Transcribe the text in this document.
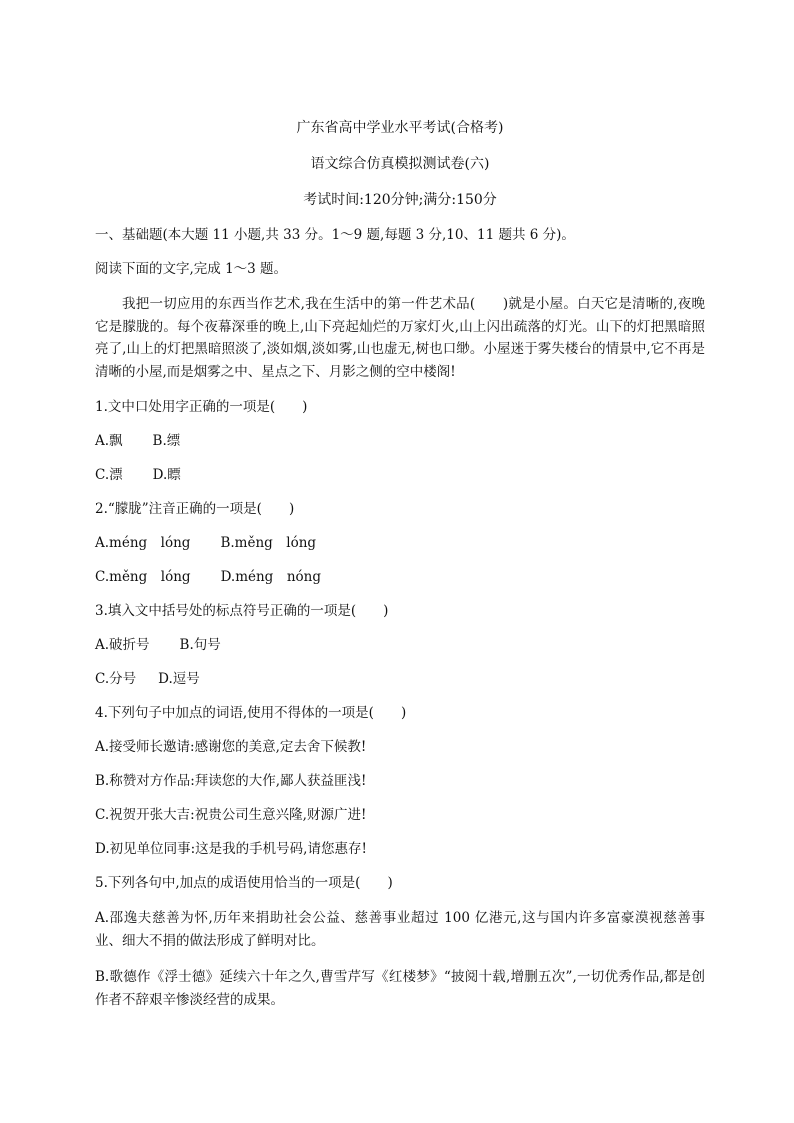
广东省高中学业水平考试(合格考)

语文综合仿真模拟测试卷(六)

考试时间:120分钟;满分:150分

一、基础题(本大题 11 小题,共 33 分。1～9 题,每题 3 分,10、11 题共 6 分)。

阅读下面的文字,完成 1～3 题。

我把一切应用的东西当作艺术,我在生活中的第一件艺术品(　　)就是小屋。白天它是清晰的,夜晚它是朦胧的。每个夜幕深垂的晚上,山下亮起灿烂的万家灯火,山上闪出疏落的灯光。山下的灯把黑暗照亮了,山上的灯把黑暗照淡了,淡如烟,淡如雾,山也虚无,树也口缈。小屋迷于雾失楼台的情景中,它不再是清晰的小屋,而是烟雾之中、星点之下、月影之侧的空中楼阁!

1.文中口处用字正确的一项是(　　)

A.飘 B.缥

C.漂 D.瞟

2.“朦胧”注音正确的一项是(　　)

A.méng　lóng B.měng　lóng

C.měng　lóng D.méng　nóng

3.填入文中括号处的标点符号正确的一项是(　　)

A.破折号 B.句号

C.分号 D.逗号

4.下列句子中加点的词语,使用不得体的一项是(　　)

A.接受师长邀请:感谢您的美意,定去舍下候教!

B.称赞对方作品:拜读您的大作,鄙人获益匪浅!

C.祝贺开张大吉:祝贵公司生意兴隆,财源广进!

D.初见单位同事:这是我的手机号码,请您惠存!

5.下列各句中,加点的成语使用恰当的一项是(　　)

A.邵逸夫慈善为怀,历年来捐助社会公益、慈善事业超过 100 亿港元,这与国内许多富豪漠视慈善事业、细大不捐的做法形成了鲜明对比。

B.歌德作《浮士德》延续六十年之久,曹雪芹写《红楼梦》“披阅十载,增删五次”,一切优秀作品,都是创作者不辞艰辛惨淡经营的成果。
